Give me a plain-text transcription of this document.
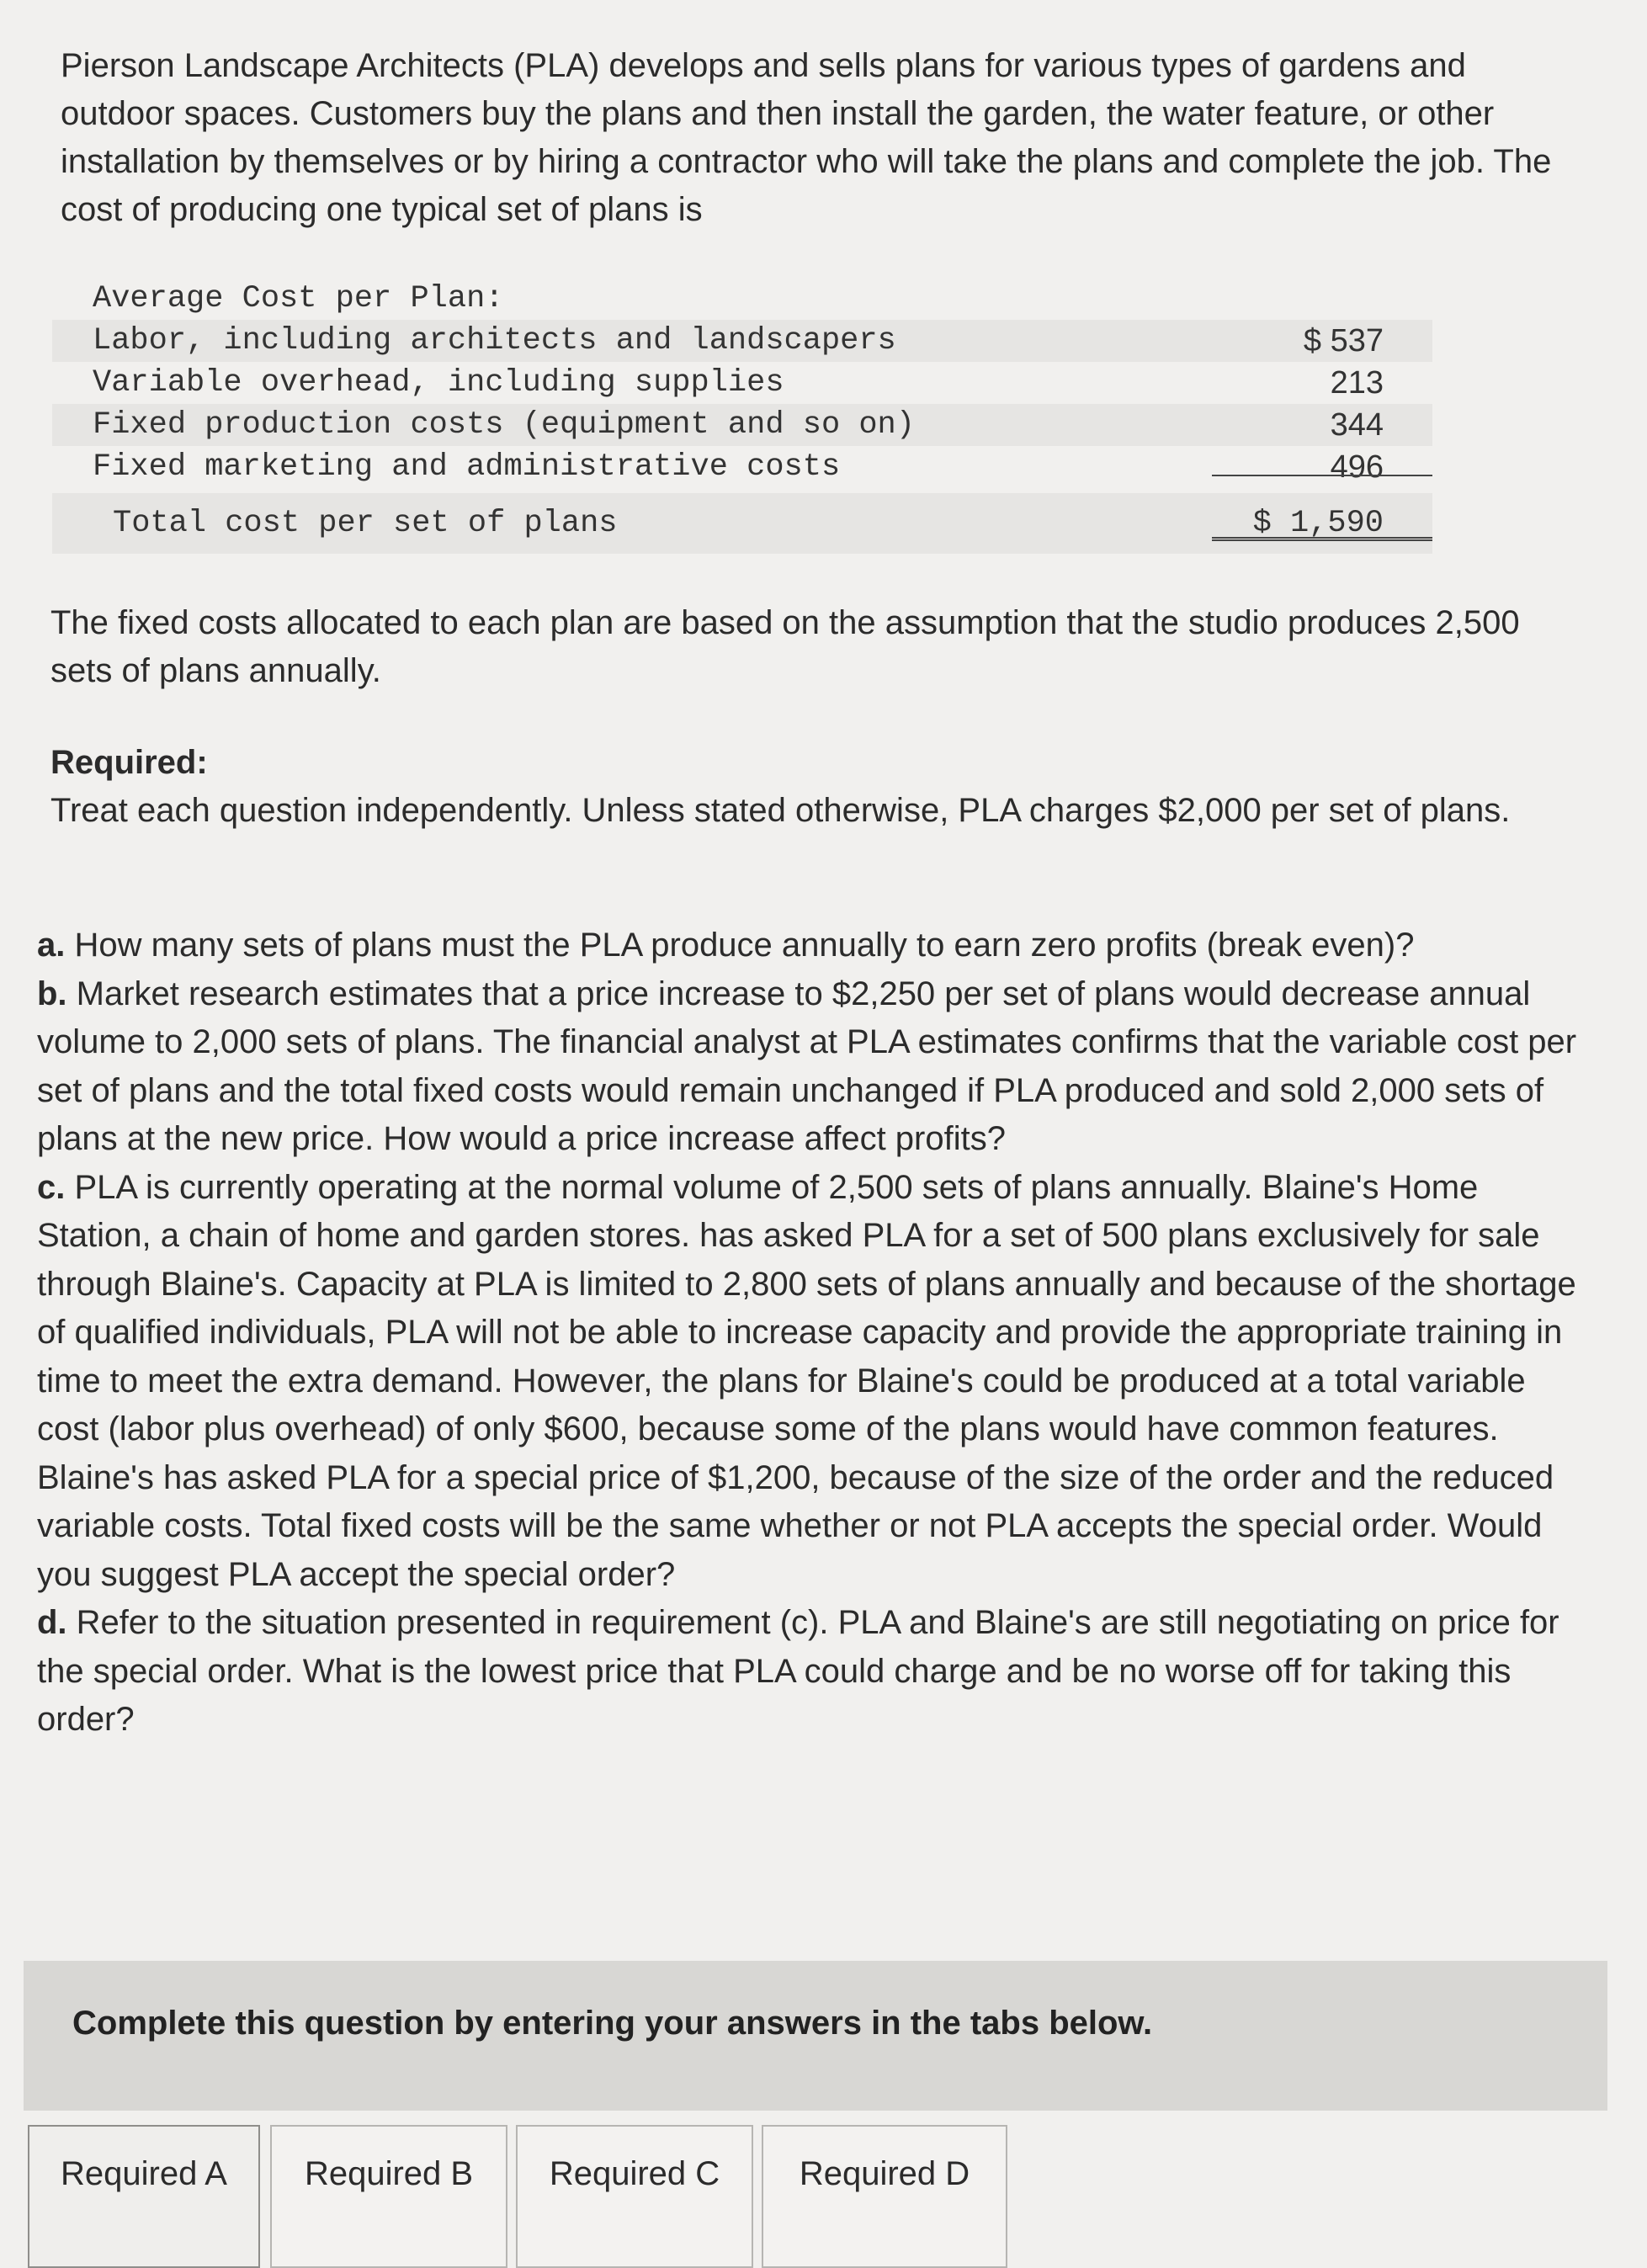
Pierson Landscape Architects (PLA) develops and sells plans for various types of gardens and outdoor spaces. Customers buy the plans and then install the garden, the water feature, or other installation by themselves or by hiring a contractor who will take the plans and complete the job. The cost of producing one typical set of plans is

Average Cost per Plan:
Labor, including architects and landscapers	$ 537
Variable overhead, including supplies	213
Fixed production costs (equipment and so on)	344
Fixed marketing and administrative costs	496
Total cost per set of plans	$ 1,590

The fixed costs allocated to each plan are based on the assumption that the studio produces 2,500 sets of plans annually.

Required:
Treat each question independently. Unless stated otherwise, PLA charges $2,000 per set of plans.

a. How many sets of plans must the PLA produce annually to earn zero profits (break even)?

b. Market research estimates that a price increase to $2,250 per set of plans would decrease annual volume to 2,000 sets of plans. The financial analyst at PLA estimates confirms that the variable cost per set of plans and the total fixed costs would remain unchanged if PLA produced and sold 2,000 sets of plans at the new price. How would a price increase affect profits?

c. PLA is currently operating at the normal volume of 2,500 sets of plans annually. Blaine's Home Station, a chain of home and garden stores. has asked PLA for a set of 500 plans exclusively for sale through Blaine's. Capacity at PLA is limited to 2,800 sets of plans annually and because of the shortage of qualified individuals, PLA will not be able to increase capacity and provide the appropriate training in time to meet the extra demand. However, the plans for Blaine's could be produced at a total variable cost (labor plus overhead) of only $600, because some of the plans would have common features. Blaine's has asked PLA for a special price of $1,200, because of the size of the order and the reduced variable costs. Total fixed costs will be the same whether or not PLA accepts the special order. Would you suggest PLA accept the special order?

d. Refer to the situation presented in requirement (c). PLA and Blaine's are still negotiating on price for the special order. What is the lowest price that PLA could charge and be no worse off for taking this order?

Complete this question by entering your answers in the tabs below.
Required A	Required B	Required C	Required D
